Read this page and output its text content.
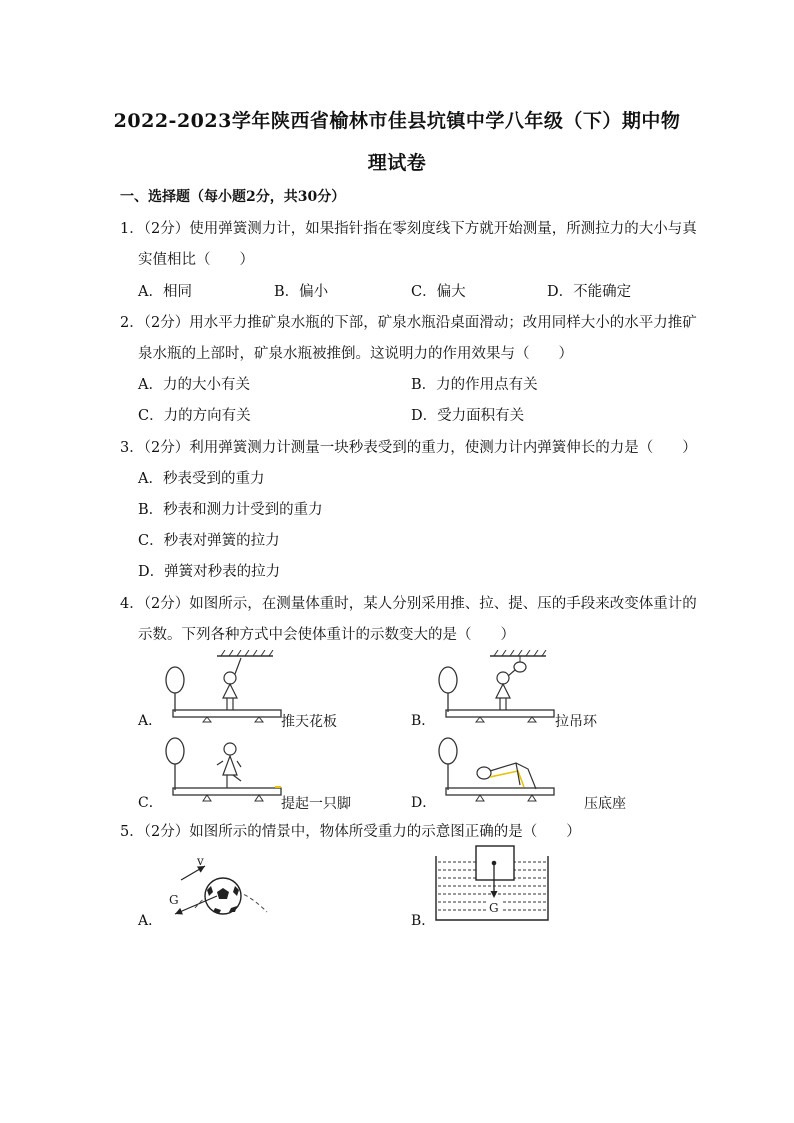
2022-2023学年陕西省榆林市佳县坑镇中学八年级（下）期中物
理试卷
一、选择题（每小题2分，共30分）
1．（2分）使用弹簧测力计，如果指针指在零刻度线下方就开始测量，所测拉力的大小与真
实值相比（　　）
A．相同	B．偏小	C．偏大	D．不能确定
2．（2分）用水平力推矿泉水瓶的下部，矿泉水瓶沿桌面滑动；改用同样大小的水平力推矿
泉水瓶的上部时，矿泉水瓶被推倒。这说明力的作用效果与（　　）
A．力的大小有关	B．力的作用点有关
C．力的方向有关	D．受力面积有关
3．（2分）利用弹簧测力计测量一块秒表受到的重力，使测力计内弹簧伸长的力是（　　）
A．秒表受到的重力
B．秒表和测力计受到的重力
C．秒表对弹簧的拉力
D．弹簧对秒表的拉力
4．（2分）如图所示，在测量体重时，某人分别采用推、拉、提、压的手段来改变体重计的
示数。下列各种方式中会使体重计的示数变大的是（　　）
A．	推天花板	B．	拉吊环
C．	提起一只脚	D．	压底座
5．（2分）如图所示的情景中，物体所受重力的示意图正确的是（　　）
A．
v
G
B．
G
